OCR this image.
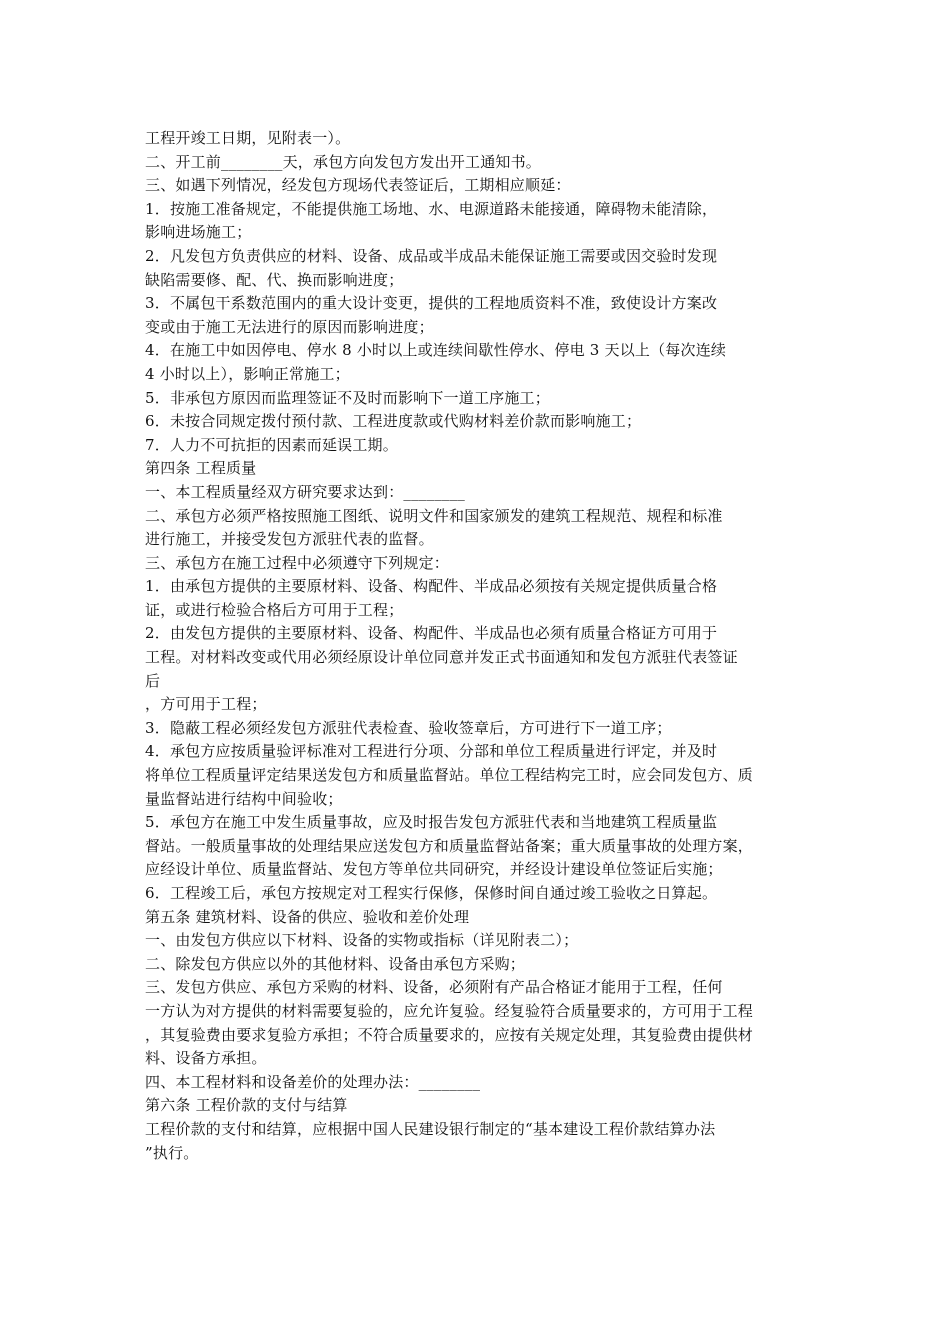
工程开竣工日期，见附表一）。
二、开工前________天，承包方向发包方发出开工通知书。
三、如遇下列情况，经发包方现场代表签证后，工期相应顺延：
1．按施工准备规定，不能提供施工场地、水、电源道路未能接通，障碍物未能清除，
影响进场施工；
2．凡发包方负责供应的材料、设备、成品或半成品未能保证施工需要或因交验时发现
缺陷需要修、配、代、换而影响进度；
3．不属包干系数范围内的重大设计变更，提供的工程地质资料不准，致使设计方案改
变或由于施工无法进行的原因而影响进度；
4．在施工中如因停电、停水 8 小时以上或连续间歇性停水、停电 3 天以上（每次连续
4 小时以上），影响正常施工；
5．非承包方原因而监理签证不及时而影响下一道工序施工；
6．未按合同规定拨付预付款、工程进度款或代购材料差价款而影响施工；
7．人力不可抗拒的因素而延误工期。
第四条 工程质量
一、本工程质量经双方研究要求达到：________
二、承包方必须严格按照施工图纸、说明文件和国家颁发的建筑工程规范、规程和标准
进行施工，并接受发包方派驻代表的监督。
三、承包方在施工过程中必须遵守下列规定：
1．由承包方提供的主要原材料、设备、构配件、半成品必须按有关规定提供质量合格
证，或进行检验合格后方可用于工程；
2．由发包方提供的主要原材料、设备、构配件、半成品也必须有质量合格证方可用于
工程。对材料改变或代用必须经原设计单位同意并发正式书面通知和发包方派驻代表签证
后
，方可用于工程；
3．隐蔽工程必须经发包方派驻代表检查、验收签章后，方可进行下一道工序；
4．承包方应按质量验评标准对工程进行分项、分部和单位工程质量进行评定，并及时
将单位工程质量评定结果送发包方和质量监督站。单位工程结构完工时，应会同发包方、质
量监督站进行结构中间验收；
5．承包方在施工中发生质量事故，应及时报告发包方派驻代表和当地建筑工程质量监
督站。一般质量事故的处理结果应送发包方和质量监督站备案；重大质量事故的处理方案，
应经设计单位、质量监督站、发包方等单位共同研究，并经设计建设单位签证后实施；
6．工程竣工后，承包方按规定对工程实行保修，保修时间自通过竣工验收之日算起。
第五条 建筑材料、设备的供应、验收和差价处理
一、由发包方供应以下材料、设备的实物或指标（详见附表二）；
二、除发包方供应以外的其他材料、设备由承包方采购；
三、发包方供应、承包方采购的材料、设备，必须附有产品合格证才能用于工程，任何
一方认为对方提供的材料需要复验的，应允许复验。经复验符合质量要求的，方可用于工程
，其复验费由要求复验方承担；不符合质量要求的，应按有关规定处理，其复验费由提供材
料、设备方承担。
四、本工程材料和设备差价的处理办法：________
第六条 工程价款的支付与结算
工程价款的支付和结算，应根据中国人民建设银行制定的“基本建设工程价款结算办法
”执行。
